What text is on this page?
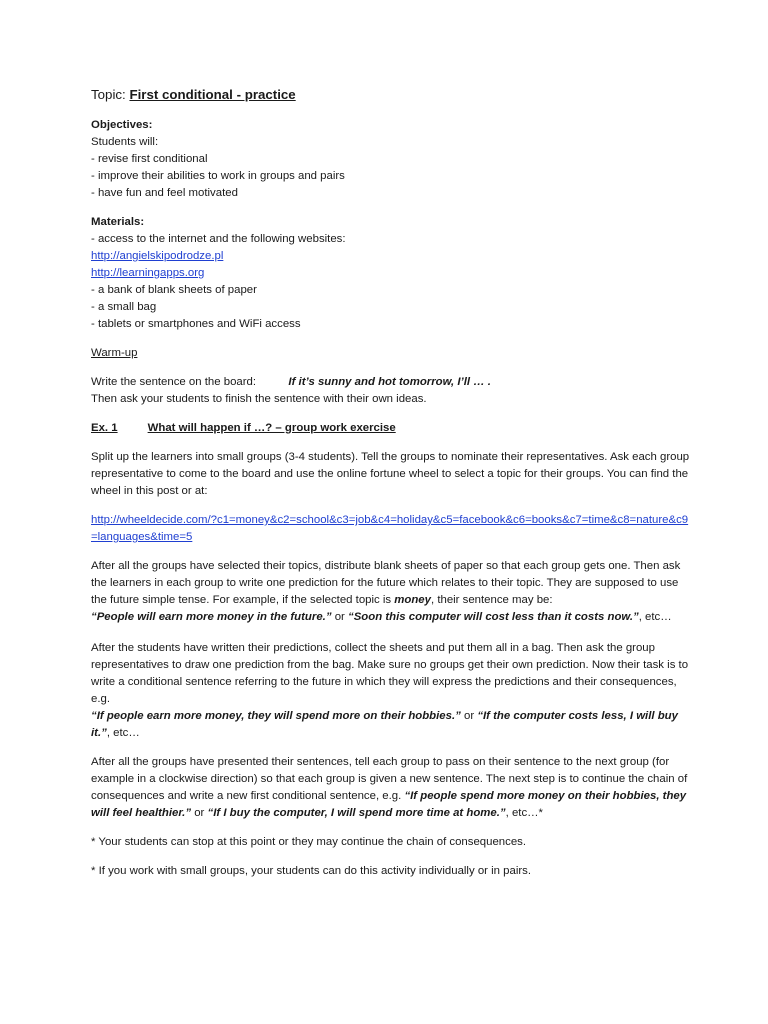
Topic: First conditional - practice

Objectives:

Students will:

- revise first conditional

- improve their abilities to work in groups and pairs

- have fun and feel motivated

Materials:

- access to the internet and the following websites:

http://angielskipodrodze.pl

http://learningapps.org

- a bank of blank sheets of paper

- a small bag

- tablets or smartphones and WiFi access

Warm-up

Write the sentence on the board:	If it’s sunny and hot tomorrow, I’ll … .

Then ask your students to finish the sentence with their own ideas.

Ex. 1	What will happen if …? – group work exercise

Split up the learners into small groups (3-4 students). Tell the groups to nominate their representatives. Ask each group representative to come to the board and use the online fortune wheel to select a topic for their groups. You can find the wheel in this post or at:

http://wheeldecide.com/?c1=money&c2=school&c3=job&c4=holiday&c5=facebook&c6=books&c7=time&c8=nature&c9=languages&time=5

After all the groups have selected their topics, distribute blank sheets of paper so that each group gets one. Then ask the learners in each group to write one prediction for the future which relates to their topic. They are supposed to use the future simple tense. For example, if the selected topic is money, their sentence may be:
“People will earn more money in the future.” or “Soon this computer will cost less than it costs now.”, etc…

After the students have written their predictions, collect the sheets and put them all in a bag. Then ask the group representatives to draw one prediction from the bag. Make sure no groups get their own prediction. Now their task is to write a conditional sentence referring to the future in which they will express the predictions and their consequences, e.g.
“If people earn more money, they will spend more on their hobbies.” or “If the computer costs less, I will buy it.”, etc…

After all the groups have presented their sentences, tell each group to pass on their sentence to the next group (for example in a clockwise direction) so that each group is given a new sentence. The next step is to continue the chain of consequences and write a new first conditional sentence, e.g. “If people spend more money on their hobbies, they will feel healthier.” or “If I buy the computer, I will spend more time at home.”, etc…*

* Your students can stop at this point or they may continue the chain of consequences.

* If you work with small groups, your students can do this activity individually or in pairs.
